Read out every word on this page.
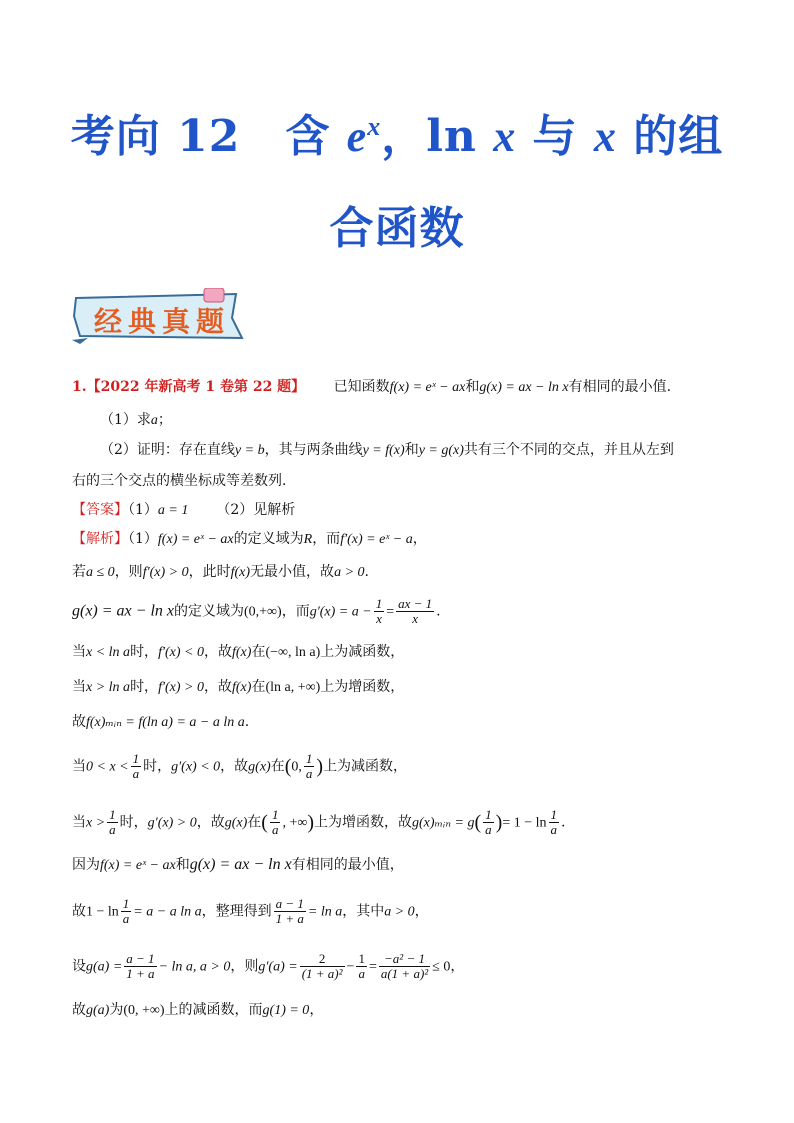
考向 12　含 $e^x$，ln x 与 x 的组
合函数
经典真题
1.【2022 年新高考 1 卷第 22 题】 已知函数f(x) = eˣ − ax和g(x) = ax − ln x有相同的最小值.
（1）求a；
（2）证明：存在直线y = b，其与两条曲线y = f(x)和y = g(x)共有三个不同的交点，并且从左到
右的三个交点的横坐标成等差数列.
【答案】（1）a = 1 （2）见解析
【解析】（1）f(x) = eˣ − ax的定义域为R，而f′(x) = eˣ − a，
若a ≤ 0，则f′(x) > 0，此时f(x)无最小值，故a > 0.
g(x) = ax − ln x的定义域为(0,+∞)，而$g'(x) = a - \frac{1}{x} = \frac{ax - 1}{x}$ .
当x < ln a时，f′(x) < 0，故f(x)在(−∞, ln a)上为减函数，
当x > ln a时，f′(x) > 0，故f(x)在(ln a, +∞)上为增函数，
故f(x)ₘᵢₙ = f(ln a) = a − a ln a.
当$0 < x < \frac{1}{a}$ 时，g′(x) < 0，故g(x)在(0, $\frac{1}{a}$ )上为减函数，
当$x > \frac{1}{a}$ 时，g′(x) > 0，故g(x)在( $\frac{1}{a}$ , +∞)上为增函数，故g(x)ₘᵢₙ = $g( \frac{1}{a}$ )= $1 - \ln \frac{1}{a}$ .
因为f(x) = eˣ − ax和g(x) = ax − ln x有相同的最小值，
故$1 - \ln \frac{1}{a} = a - a$ ln a，整理得到 $\frac{a - 1}{1 + a} = \ln a$，其中a > 0，
设$g(a) = \frac{a - 1}{1 + a} - \ln a$, a > 0，则$g'(a) = \frac{2}{\text{(1 + a)²}} - \frac{1}{a} = \frac{\text{−a² − 1}}{\text{a(1 + a)²}} \le 0$，
故g(a)为(0, +∞)上的减函数，而g(1) = 0，
